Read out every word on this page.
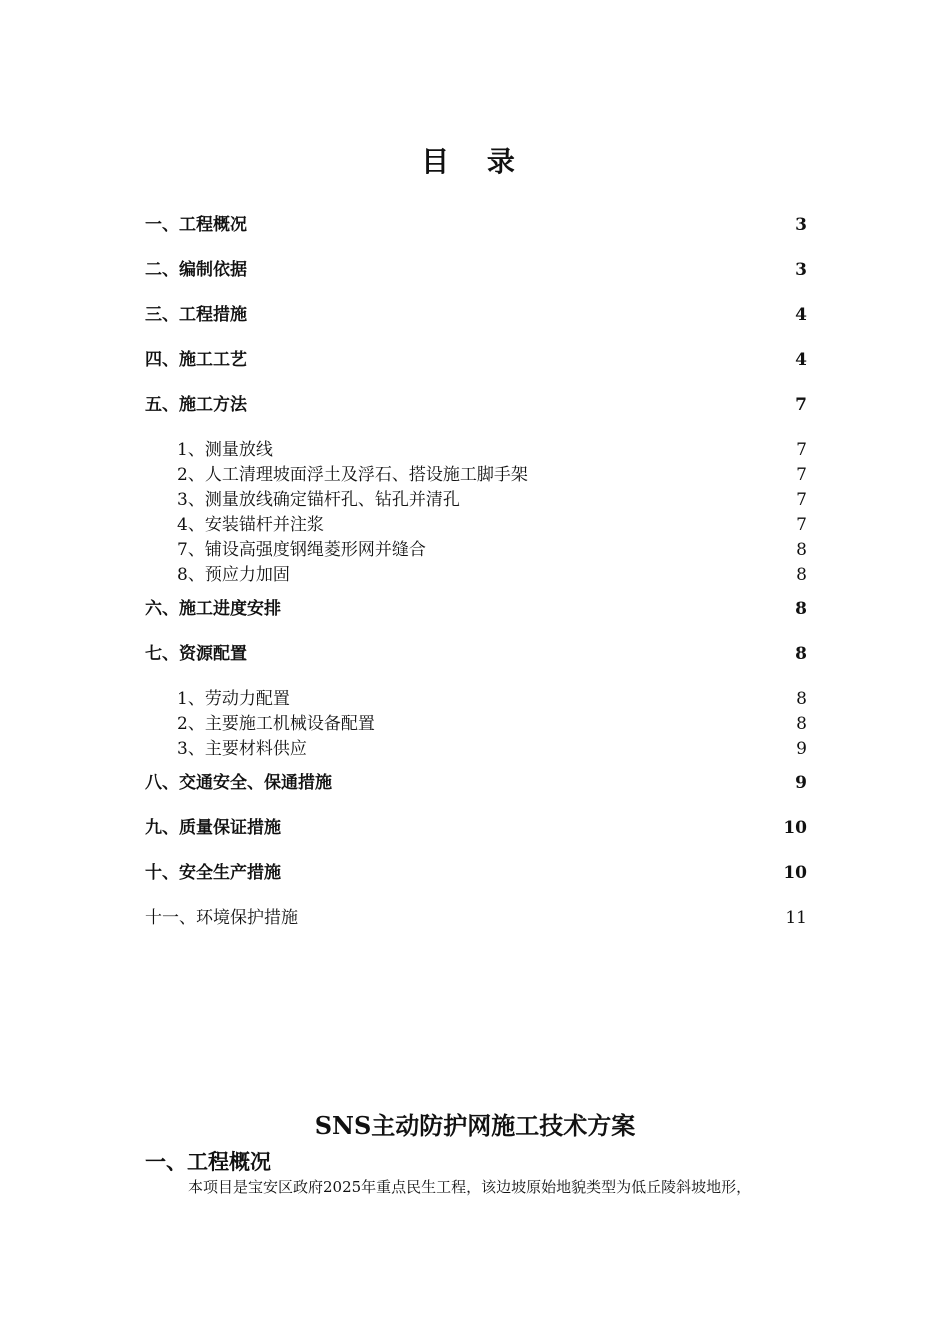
目 录
一、工程概况	3
二、编制依据	3
三、工程措施	4
四、施工工艺	4
五、施工方法	7
1、测量放线	7
2、人工清理坡面浮土及浮石、搭设施工脚手架	7
3、测量放线确定锚杆孔、钻孔并清孔	7
4、安装锚杆并注浆	7
7、铺设高强度钢绳菱形网并缝合	8
8、预应力加固	8
六、施工进度安排	8
七、资源配置	8
1、劳动力配置	8
2、主要施工机械设备配置	8
3、主要材料供应	9
八、交通安全、保通措施	9
九、质量保证措施	10
十、安全生产措施	10
十一、环境保护措施	11
SNS主动防护网施工技术方案
一、工程概况
本项目是宝安区政府2025年重点民生工程，该边坡原始地貌类型为低丘陵斜坡地形，
